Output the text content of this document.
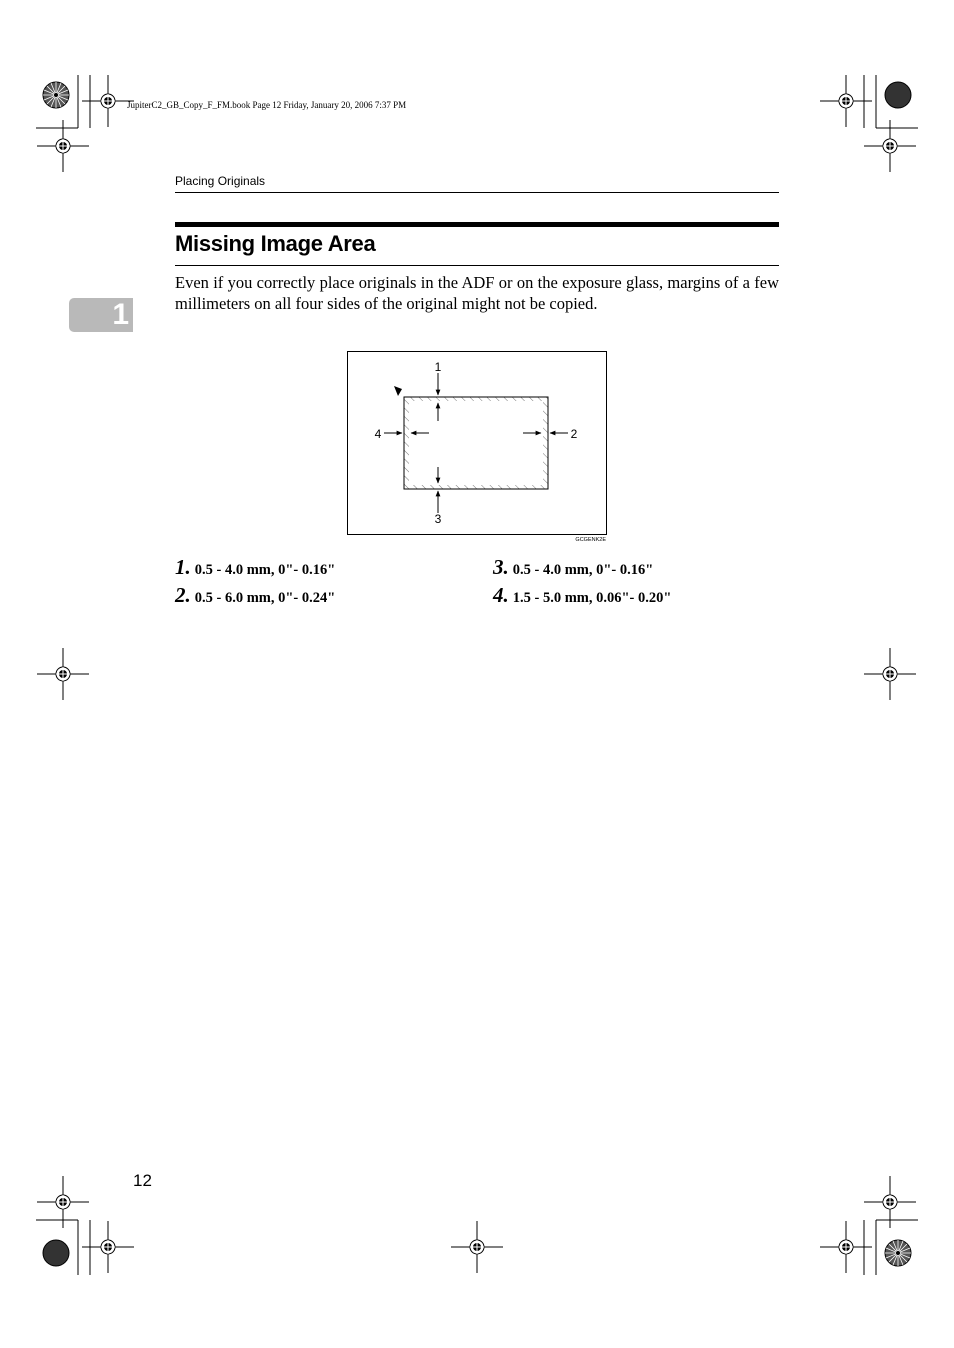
JupiterC2_GB_Copy_F_FM.book Page 12 Friday, January 20, 2006 7:37 PM
Placing Originals
1
Missing Image Area
Even if you correctly place originals in the ADF or on the exposure glass, margins of a few millimeters on all four sides of the original might not be copied.
1
2
3
4
GCGENK2E
1. 0.5 - 4.0 mm, 0"- 0.16"
2. 0.5 - 6.0 mm, 0"- 0.24"
3. 0.5 - 4.0 mm, 0"- 0.16"
4. 1.5 - 5.0 mm, 0.06"- 0.20"
12
